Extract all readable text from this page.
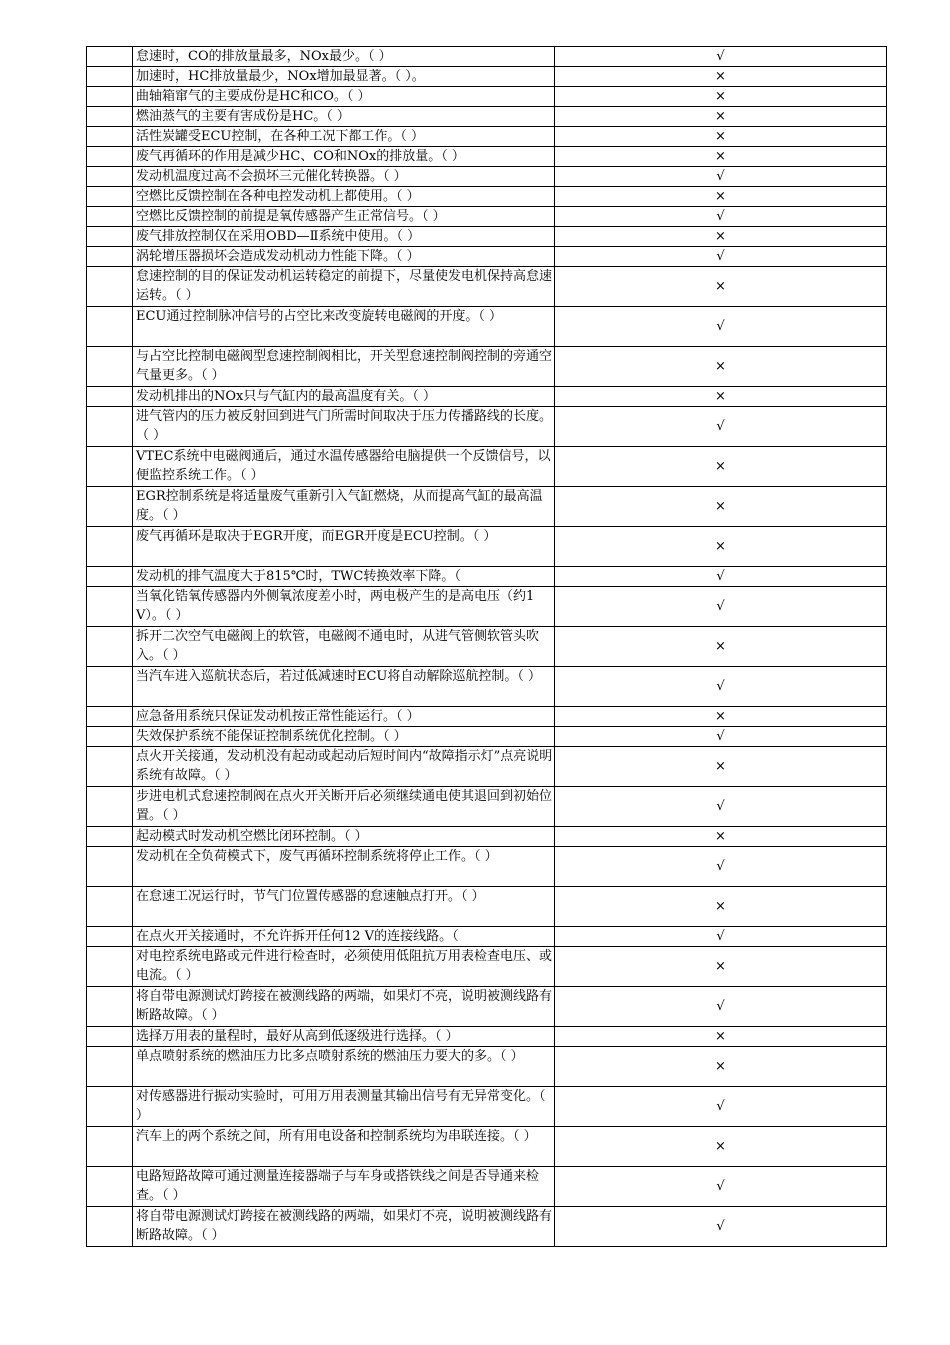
	怠速时，CO的排放量最多，NOx最少。（ ）	√
	加速时，HC排放量最少，NOx增加最显著。（ ）。	×
	曲轴箱窜气的主要成份是HC和CO。（ ）	×
	燃油蒸气的主要有害成份是HC。（ ）	×
	活性炭罐受ECU控制，在各种工况下都工作。（ ）	×
	废气再循环的作用是减少HC、CO和NOx的排放量。（ ）	×
	发动机温度过高不会损坏三元催化转换器。（ ）	√
	空燃比反馈控制在各种电控发动机上都使用。（ ）	×
	空燃比反馈控制的前提是氧传感器产生正常信号。（ ）	√
	废气排放控制仅在采用OBD—Ⅱ系统中使用。（ ）	×
	涡轮增压器损坏会造成发动机动力性能下降。（ ）	√
	怠速控制的目的保证发动机运转稳定的前提下，尽量使发电机保持高怠速运转。（ ）	×
	ECU通过控制脉冲信号的占空比来改变旋转电磁阀的开度。（ ）	√
	与占空比控制电磁阀型怠速控制阀相比，开关型怠速控制阀控制的旁通空气量更多。（ ）	×
	发动机排出的NOx只与气缸内的最高温度有关。（ ）	×
	进气管内的压力被反射回到进气门所需时间取决于压力传播路线的长度。（ ）	√
	VTEC系统中电磁阀通后，通过水温传感器给电脑提供一个反馈信号，以便监控系统工作。（ ）	×
	EGR控制系统是将适量废气重新引入气缸燃烧，从而提高气缸的最高温度。（ ）	×
	废气再循环是取决于EGR开度，而EGR开度是ECU控制。（ ）	×
	发动机的排气温度大于815℃时，TWC转换效率下降。（	√
	当氧化锆氧传感器内外侧氧浓度差小时，两电极产生的是高电压（约1V）。（ ）	√
	拆开二次空气电磁阀上的软管，电磁阀不通电时，从进气管侧软管头吹入。（ ）	×
	当汽车进入巡航状态后，若过低减速时ECU将自动解除巡航控制。（ ）	√
	应急备用系统只保证发动机按正常性能运行。（ ）	×
	失效保护系统不能保证控制系统优化控制。（ ）	√
	点火开关接通，发动机没有起动或起动后短时间内“故障指示灯”点亮说明系统有故障。（ ）	×
	步进电机式怠速控制阀在点火开关断开后必须继续通电使其退回到初始位置。（ ）	√
	起动模式时发动机空燃比闭环控制。（ ）	×
	发动机在全负荷模式下，废气再循环控制系统将停止工作。（ ）	√
	在怠速工况运行时，节气门位置传感器的怠速触点打开。（ ）	×
	在点火开关接通时，不允许拆开任何12 V的连接线路。（	√
	对电控系统电路或元件进行检查时，必须使用低阻抗万用表检查电压、或电流。（ ）	×
	将自带电源测试灯跨接在被测线路的两端，如果灯不亮，说明被测线路有断路故障。（ ）	√
	选择万用表的量程时，最好从高到低逐级进行选择。（ ）	×
	单点喷射系统的燃油压力比多点喷射系统的燃油压力要大的多。（ ）	×
	对传感器进行振动实验时，可用万用表测量其输出信号有无异常变化。（ ）	√
	汽车上的两个系统之间，所有用电设备和控制系统均为串联连接。（ ）	×
	电路短路故障可通过测量连接器端子与车身或搭铁线之间是否导通来检查。（ ）	√
	将自带电源测试灯跨接在被测线路的两端，如果灯不亮，说明被测线路有断路故障。（ ）	√
